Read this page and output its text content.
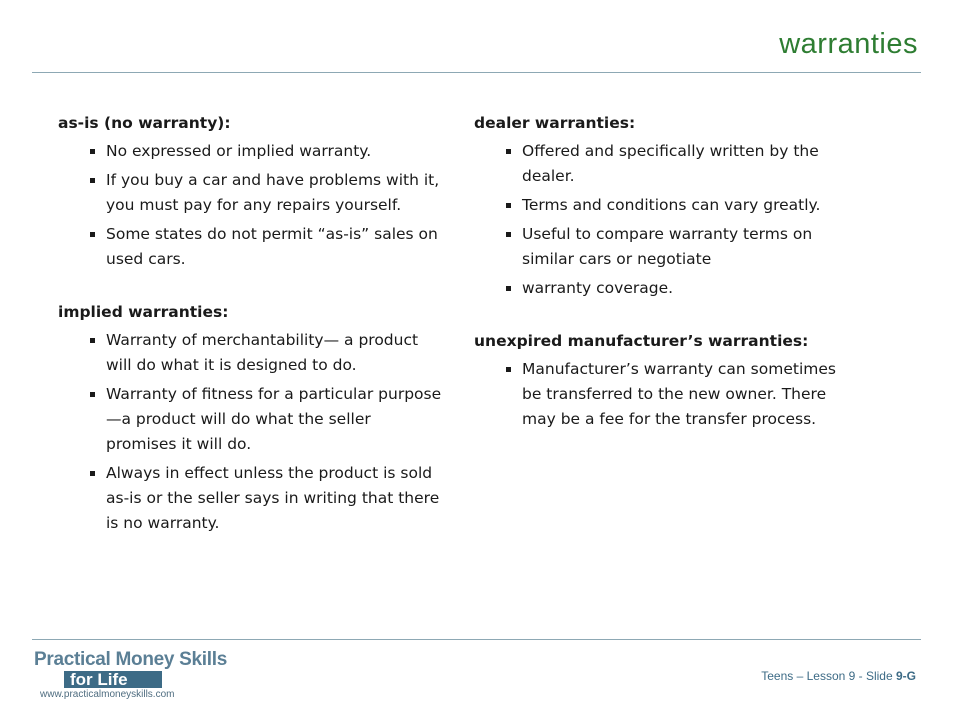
warranties
as-is (no warranty):
No expressed or implied warranty.
If you buy a car and have problems with it, you must pay for any repairs yourself.
Some states do not permit “as-is” sales on used cars.
implied warranties:
Warranty of merchantability— a product will do what it is designed to do.
Warranty of fitness for a particular purpose—a product will do what the seller promises it will do.
Always in effect unless the product is sold as-is or the seller says in writing that there is no warranty.
dealer warranties:
Offered and specifically written by the dealer.
Terms and conditions can vary greatly.
Useful to compare warranty terms on similar cars or negotiate
warranty coverage.
unexpired manufacturer’s warranties:
Manufacturer’s warranty can sometimes be transferred to the new owner. There may be a fee for the transfer process.
Practical Money Skills
for Life
www.practicalmoneyskills.com
Teens – Lesson 9 - Slide 9-G
